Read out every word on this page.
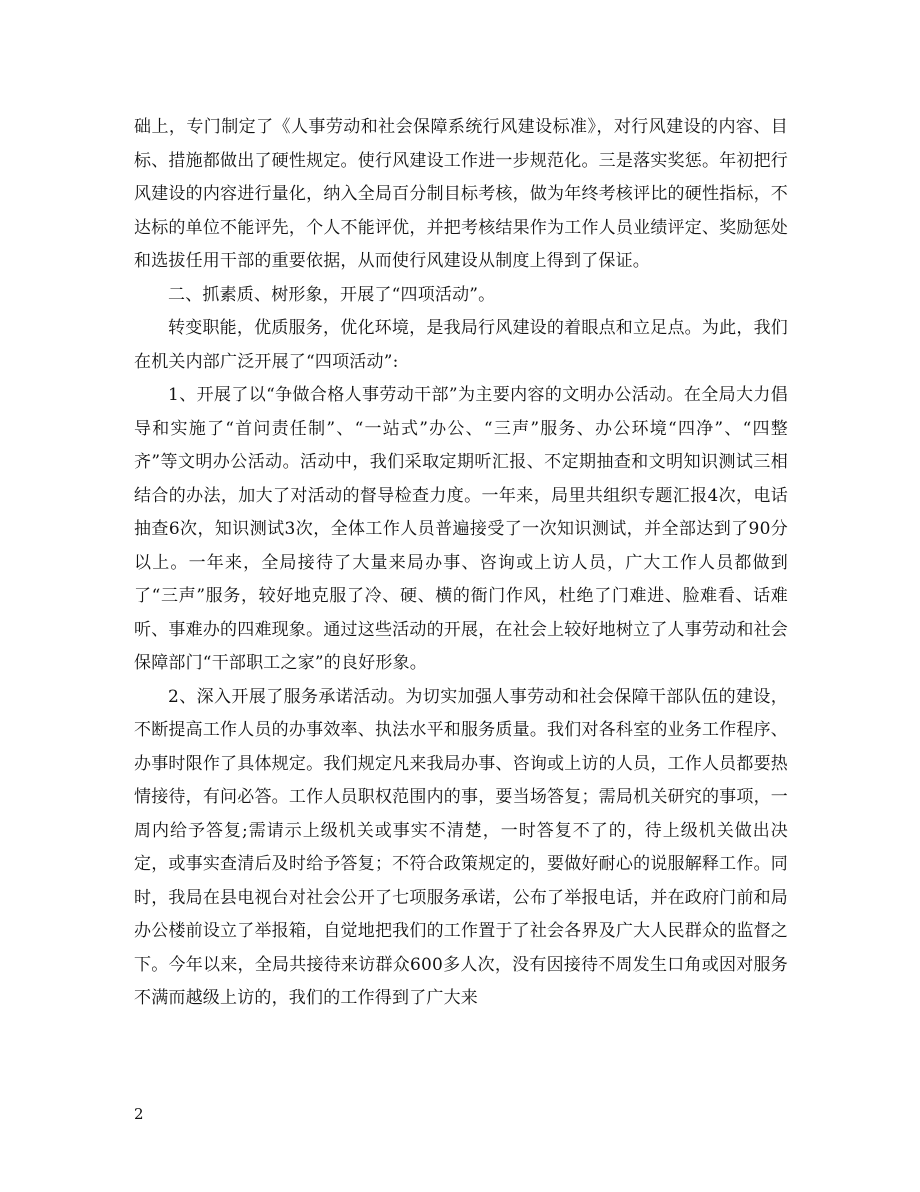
础上，专门制定了《人事劳动和社会保障系统行风建设标准》，对行风建设的内容、目标、措施都做出了硬性规定。使行风建设工作进一步规范化。三是落实奖惩。年初把行风建设的内容进行量化，纳入全局百分制目标考核，做为年终考核评比的硬性指标，不达标的单位不能评先，个人不能评优，并把考核结果作为工作人员业绩评定、奖励惩处和选拔任用干部的重要依据，从而使行风建设从制度上得到了保证。

二、抓素质、树形象，开展了“四项活动”。

转变职能，优质服务，优化环境，是我局行风建设的着眼点和立足点。为此，我们在机关内部广泛开展了“四项活动”:

1、开展了以“争做合格人事劳动干部”为主要内容的文明办公活动。在全局大力倡导和实施了“首问责任制”、“一站式”办公、“三声”服务、办公环境“四净”、“四整齐”等文明办公活动。活动中，我们采取定期听汇报、不定期抽查和文明知识测试三相结合的办法，加大了对活动的督导检查力度。一年来，局里共组织专题汇报4次，电话抽查6次，知识测试3次，全体工作人员普遍接受了一次知识测试，并全部达到了90分以上。一年来，全局接待了大量来局办事、咨询或上访人员，广大工作人员都做到了“三声”服务，较好地克服了冷、硬、横的衙门作风，杜绝了门难进、脸难看、话难听、事难办的四难现象。通过这些活动的开展，在社会上较好地树立了人事劳动和社会保障部门“干部职工之家”的良好形象。

2、深入开展了服务承诺活动。为切实加强人事劳动和社会保障干部队伍的建设，不断提高工作人员的办事效率、执法水平和服务质量。我们对各科室的业务工作程序、办事时限作了具体规定。我们规定凡来我局办事、咨询或上访的人员，工作人员都要热情接待，有问必答。工作人员职权范围内的事，要当场答复；需局机关研究的事项，一周内给予答复;需请示上级机关或事实不清楚，一时答复不了的，待上级机关做出决定，或事实查清后及时给予答复；不符合政策规定的，要做好耐心的说服解释工作。同时，我局在县电视台对社会公开了七项服务承诺，公布了举报电话，并在政府门前和局办公楼前设立了举报箱，自觉地把我们的工作置于了社会各界及广大人民群众的监督之下。今年以来，全局共接待来访群众600多人次，没有因接待不周发生口角或因对服务不满而越级上访的，我们的工作得到了广大来

2
